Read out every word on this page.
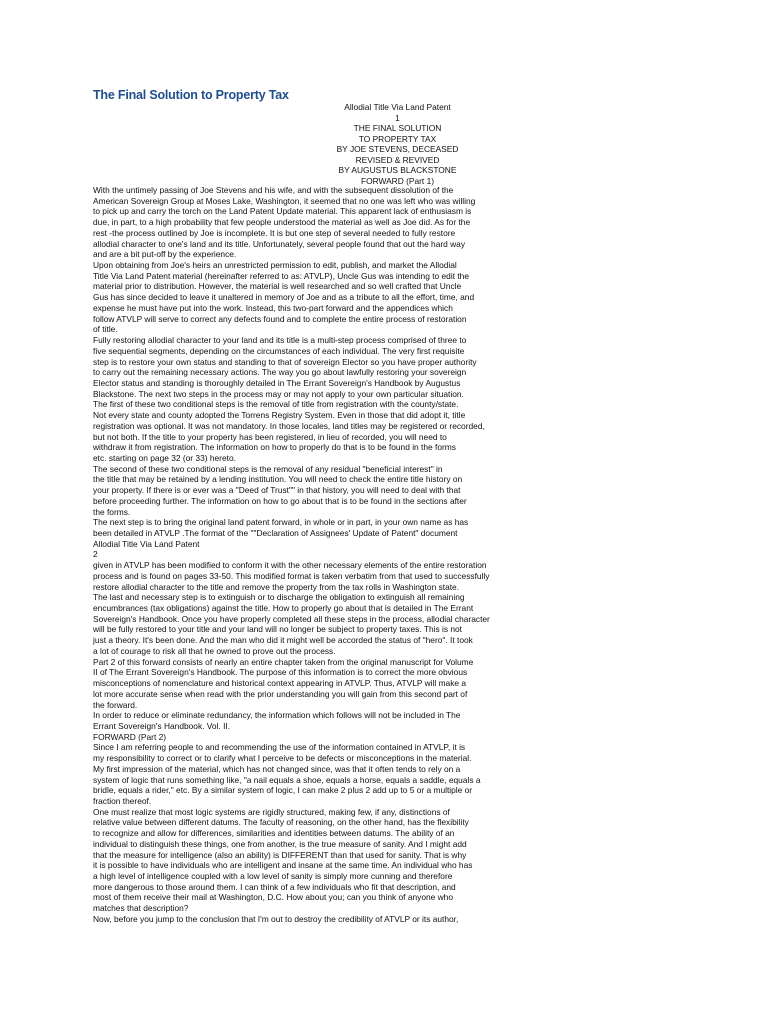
The Final Solution to Property Tax
Allodial Title Via Land Patent
1
THE FINAL SOLUTION
TO PROPERTY TAX
BY JOE STEVENS, DECEASED
REVISED & REVIVED
BY AUGUSTUS BLACKSTONE
FORWARD (Part 1)
With the untimely passing of Joe Stevens and his wife, and with the subsequent dissolution of the
American Sovereign Group at Moses Lake, Washington, it seemed that no one was left who was willing
to pick up and carry the torch on the Land Patent Update material. This apparent lack of enthusiasm is
due, in part, to a high probability that few people understood the material as well as Joe did. As for the
rest -the process outlined by Joe is incomplete. It is but one step of several needed to fully restore
allodial character to one's land and its title. Unfortunately, several people found that out the hard way
and are a bit put-off by the experience.
Upon obtaining from Joe's heirs an unrestricted permission to edit, publish, and market the Allodial
Title Via Land Patent material (hereinafter referred to as: ATVLP), Uncle Gus was intending to edit the
material prior to distribution. However, the material is well researched and so well crafted that Uncle
Gus has since decided to leave it unaltered in memory of Joe and as a tribute to all the effort, time, and
expense he must have put into the work. Instead, this two-part forward and the appendices which
follow ATVLP will serve to correct any defects found and to complete the entire process of restoration
of title.
Fully restoring allodial character to your land and its title is a multi-step process comprised of three to
five sequential segments, depending on the circumstances of each individual. The very first requisite
step is to restore your own status and standing to that of sovereign Elector so you have proper authority
to carry out the remaining necessary actions. The way you go about lawfully restoring your sovereign
Elector status and standing is thoroughly detailed in The Errant Sovereign's Handbook by Augustus
Blackstone. The next two steps in the process may or may not apply to your own particular situation.
The first of these two conditional steps is the removal of title from registration with the county/state.
Not every state and county adopted the Torrens Registry System. Even in those that did adopt it, title
registration was optional. It was not mandatory. In those locales, land titles may be registered or recorded,
but not both. If the title to your property has been registered, in lieu of recorded, you will need to
withdraw it from registration. The information on how to properly do that is to be found in the forms
etc. starting on page 32 (or 33) hereto.
The second of these two conditional steps is the removal of any residual "beneficial interest" in
the title that may be retained by a lending institution. You will need to check the entire title history on
your property. If there is or ever was a "Deed of Trust"" in that history, you will need to deal with that
before proceeding further. The information on how to go about that is to be found in the sections after
the forms.
The next step is to bring the original land patent forward, in whole or in part, in your own name as has
been detailed in ATVLP .The format of the ""Declaration of Assignees' Update of Patent" document
Allodial Title Via Land Patent
2
given in ATVLP has been modified to conform it with the other necessary elements of the entire restoration
process and is found on pages 33-50. This modified format is taken verbatim from that used to successfully
restore allodial character to the title and remove the property from the tax rolls in Washington state.
The last and necessary step is to extinguish or to discharge the obligation to extinguish all remaining
encumbrances (tax obligations) against the title. How to properly go about that is detailed in The Errant
Sovereign's Handbook. Once you have properly completed all these steps in the process, allodial character
will be fully restored to your title and your land will no longer be subject to property taxes. This is not
just a theory. It's been done. And the man who did it might well be accorded the status of "hero". It took
a lot of courage to risk all that he owned to prove out the process.
Part 2 of this forward consists of nearly an entire chapter taken from the original manuscript for Volume
II of The Errant Sovereign's Handbook. The purpose of this information is to correct the more obvious
misconceptions of nomenclature and historical context appearing in ATVLP. Thus, ATVLP will make a
lot more accurate sense when read with the prior understanding you will gain from this second part of
the forward.
In order to reduce or eliminate redundancy, the information which follows will not be included in The
Errant Sovereign's Handbook. Vol. II.
FORWARD (Part 2)
Since I am referring people to and recommending the use of the information contained in ATVLP, it is
my responsibility to correct or to clarify what I perceive to be defects or misconceptions in the material.
My first impression of the material, which has not changed since, was that it often tends to rely on a
system of logic that runs something like, "a nail equals a shoe, equals a horse, equals a saddle, equals a
bridle, equals a rider," etc. By a similar system of logic, I can make 2 plus 2 add up to 5 or a multiple or
fraction thereof.
One must realize that most logic systems are rigidly structured, making few, if any, distinctions of
relative value between different datums. The faculty of reasoning, on the other hand, has the flexibility
to recognize and allow for differences, similarities and identities between datums. The ability of an
individual to distinguish these things, one from another, is the true measure of sanity. And I might add
that the measure for intelligence (also an ability) is DIFFERENT than that used for sanity. That is why
it is possible to have individuals who are intelligent and insane at the same time. An individual who has
a high level of intelligence coupled with a low level of sanity is simply more cunning and therefore
more dangerous to those around them. I can think of a few individuals who fit that description, and
most of them receive their mail at Washington, D.C. How about you; can you think of anyone who
matches that description?
Now, before you jump to the conclusion that I'm out to destroy the credibility of ATVLP or its author,
